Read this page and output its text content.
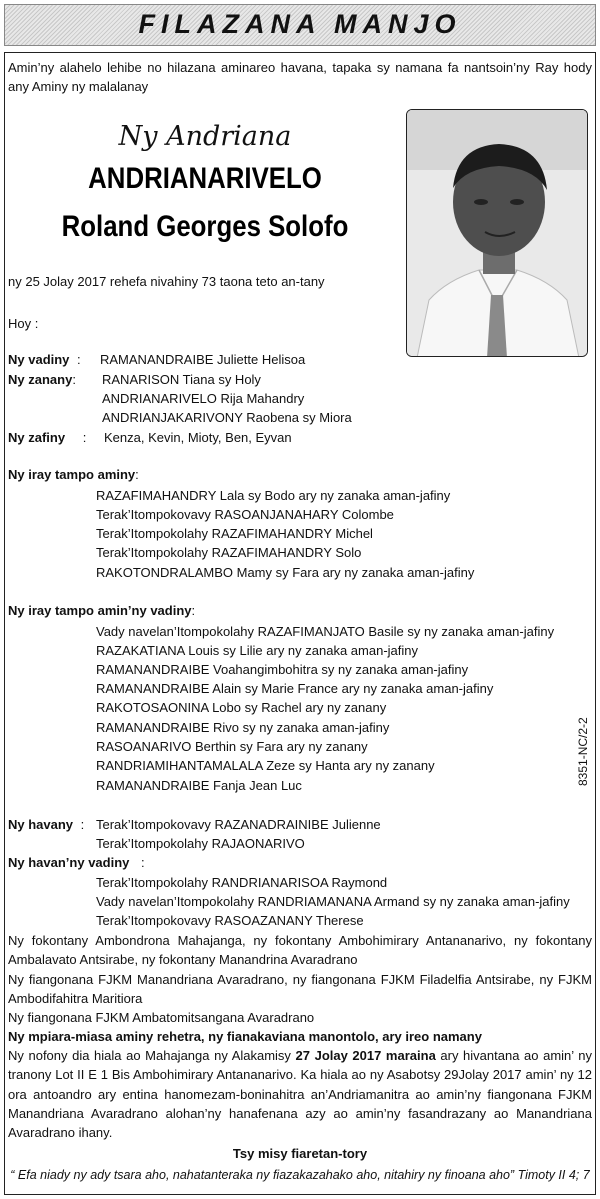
FILAZANA MANJO
Amin’ny alahelo lehibe no hilazana aminareo havana, tapaka sy namana fa nantsoin’ny Ray hody any Aminy ny malalanay
Ny Andriana
ANDRIANARIVELO
Roland Georges Solofo
ny 25 Jolay 2017 rehefa nivahiny 73 taona teto an-tany
Hoy :
Ny vadiny : RAMANANDRAIBE Juliette Helisoa
Ny zanany: RANARISON Tiana sy Holy
ANDRIANARIVELO Rija Mahandry
ANDRIANJAKARIVONY Raobena sy Miora
Ny zafiny : Kenza, Kevin, Mioty, Ben, Eyvan
Ny iray tampo aminy:
RAZAFIMAHANDRY Lala sy Bodo ary ny zanaka aman-jafiny
Terak’Itompokovavy RASOANJANAHARY Colombe
Terak’Itompokolahy RAZAFIMAHANDRY Michel
Terak’Itompokolahy RAZAFIMAHANDRY Solo
RAKOTONDRALAMBO Mamy sy Fara ary ny zanaka aman-jafiny
Ny iray tampo amin’ny vadiny:
Vady navelan’Itompokolahy RAZAFIMANJATO Basile sy ny zanaka aman-jafiny
RAZAKATIANA Louis sy Lilie ary ny zanaka aman-jafiny
RAMANANDRAIBE Voahangimbohitra sy ny zanaka aman-jafiny
RAMANANDRAIBE Alain sy Marie France ary ny zanaka aman-jafiny
RAKOTOSAONINA Lobo sy Rachel ary ny zanany
RAMANANDRAIBE Rivo sy ny zanaka aman-jafiny
RASOANARIVO Berthin sy Fara ary ny zanany
RANDRIAMIHANTAMALALA Zeze sy Hanta ary ny zanany
RAMANANDRAIBE Fanja Jean Luc	8351-NC/2-2
Ny havany : Terak’Itompokovavy RAZANADRAINIBE Julienne
Terak’Itompokolahy RAJAONARIVO
Ny havan’ny vadiny :
Terak’Itompokolahy RANDRIANARISOA Raymond
Vady navelan’Itompokolahy RANDRIAMANANA Armand sy ny zanaka aman-jafiny
Terak’Itompokovavy RASOAZANANY Therese
Ny fokontany Ambondrona Mahajanga, ny fokontany Ambohimirary Antananarivo, ny fokontany Ambalavato Antsirabe, ny fokontany Manandrina Avaradrano
Ny fiangonana FJKM Manandriana Avaradrano, ny fiangonana FJKM Filadelfia Antsirabe, ny FJKM Ambodifahitra Maritiora
Ny fiangonana FJKM Ambatomitsangana Avaradrano
Ny mpiara-miasa aminy rehetra, ny fianakaviana manontolo, ary ireo namany
Ny nofony dia hiala ao Mahajanga ny Alakamisy 27 Jolay 2017 maraina ary hivantana ao amin’ ny tranony Lot II E 1 Bis Ambohimirary Antananarivo. Ka hiala ao ny Asabotsy 29Jolay 2017 amin’ ny 12 ora antoandro ary entina hanomezam-boninahitra an’Andriamanitra ao amin’ny fiangonana FJKM Manandriana Avaradrano alohan’ny hanafenana azy ao amin’ny fasandrazany ao Manandriana Avaradrano ihany.
Tsy misy fiaretan-tory
“ Efa niady ny ady tsara aho, nahatanteraka ny fiazakazahako aho, nitahiry ny finoana aho” Timoty II 4; 7
